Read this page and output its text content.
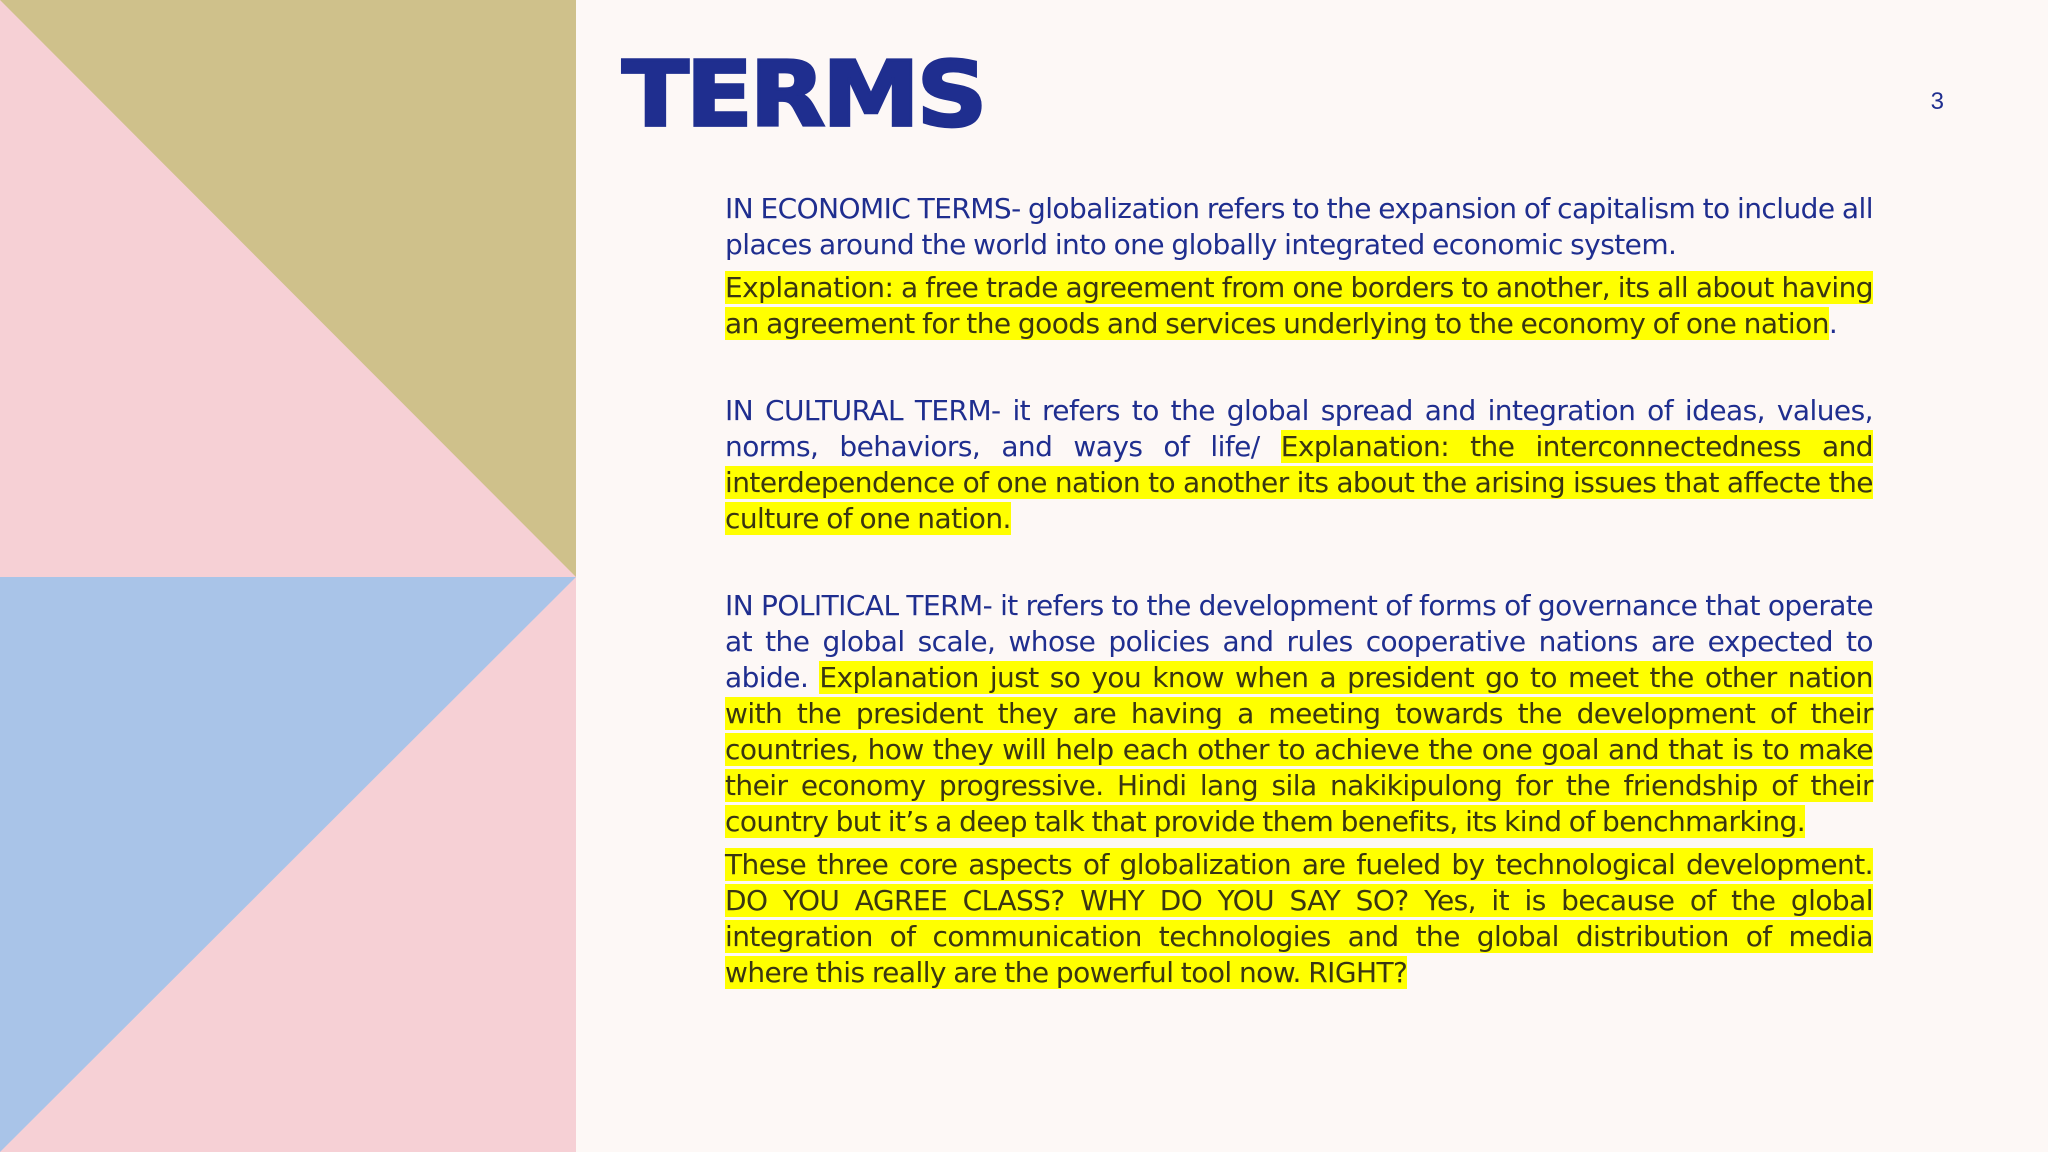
TERMS	3

IN ECONOMIC TERMS- globalization refers to the expansion of capitalism to include all places around the world into one globally integrated economic system.

Explanation: a free trade agreement from one borders to another, its all about having an agreement for the goods and services underlying to the economy of one nation.

IN CULTURAL TERM- it refers to the global spread and integration of ideas, values, norms, behaviors, and ways of life/ Explanation: the interconnectedness and interdependence of one nation to another its about the arising issues that affecte the culture of one nation.

IN POLITICAL TERM- it refers to the development of forms of governance that operate at the global scale, whose policies and rules cooperative nations are expected to abide. Explanation just so you know when a president go to meet the other nation with the president they are having a meeting towards the development of their countries, how they will help each other to achieve the one goal and that is to make their economy progressive. Hindi lang sila nakikipulong for the friendship of their country but it’s a deep talk that provide them benefits, its kind of benchmarking.

These three core aspects of globalization are fueled by technological development. DO YOU AGREE CLASS? WHY DO YOU SAY SO? Yes, it is because of the global integration of communication technologies and the global distribution of media where this really are the powerful tool now. RIGHT?
